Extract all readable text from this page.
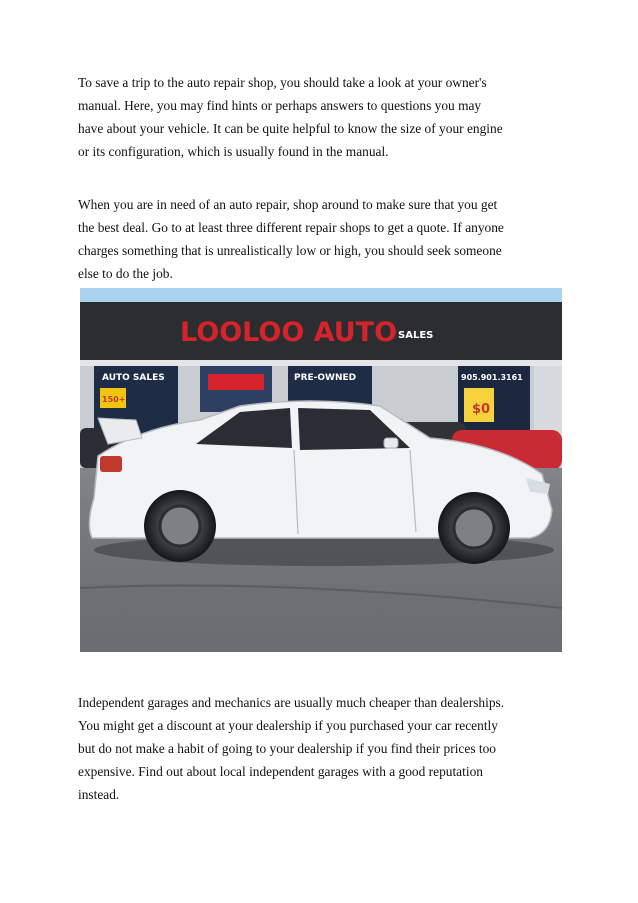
To save a trip to the auto repair shop, you should take a look at your owner's
manual. Here, you may find hints or perhaps answers to questions you may
have about your vehicle. It can be quite helpful to know the size of your engine
or its configuration, which is usually found in the manual.

When you are in need of an auto repair, shop around to make sure that you get
the best deal. Go to at least three different repair shops to get a quote. If anyone
charges something that is unrealistically low or high, you should seek someone
else to do the job.

LOOLOO AUTO SALES
AUTO SALES
150+
PRE-OWNED	905.901.3161
$0

Independent garages and mechanics are usually much cheaper than dealerships.
You might get a discount at your dealership if you purchased your car recently
but do not make a habit of going to your dealership if you find their prices too
expensive. Find out about local independent garages with a good reputation
instead.
